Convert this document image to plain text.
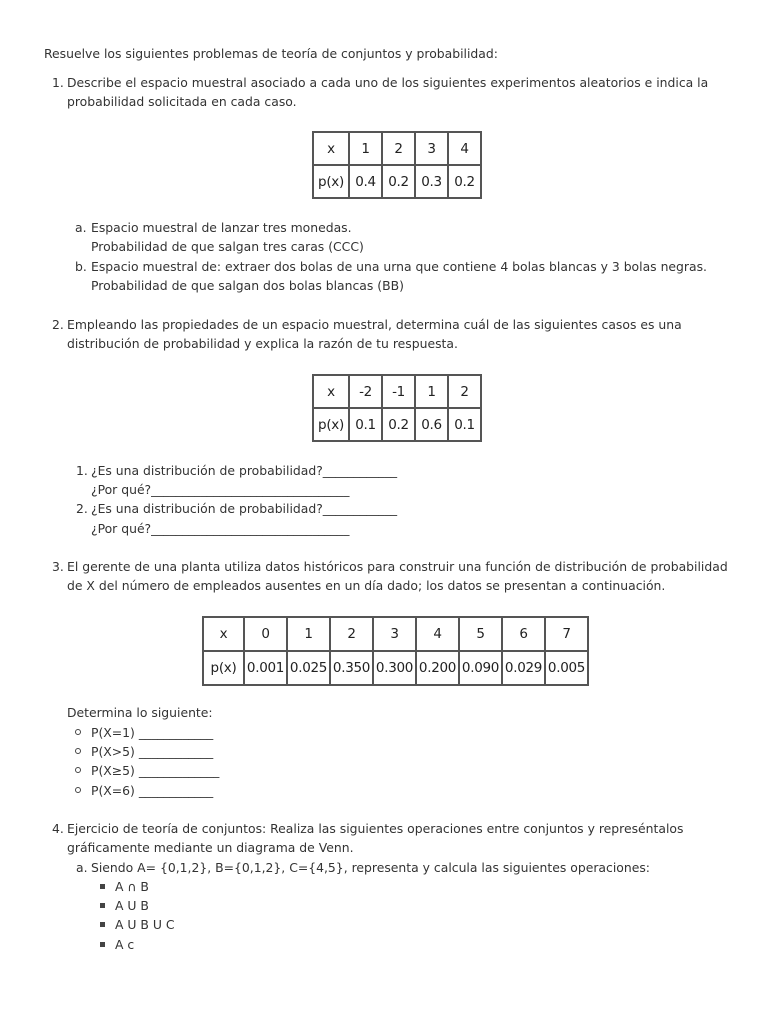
Resuelve los siguientes problemas de teoría de conjuntos y probabilidad:
1. Describe el espacio muestral asociado a cada uno de los siguientes experimentos aleatorios e indica la
probabilidad solicitada en cada caso.
x	1	2	3	4
p(x)	0.4	0.2	0.3	0.2
a. Espacio muestral de lanzar tres monedas.
Probabilidad de que salgan tres caras (CCC)
b. Espacio muestral de: extraer dos bolas de una urna que contiene 4 bolas blancas y 3 bolas negras.
Probabilidad de que salgan dos bolas blancas (BB)
2. Empleando las propiedades de un espacio muestral, determina cuál de las siguientes casos es una
distribución de probabilidad y explica la razón de tu respuesta.
x	-2	-1	1	2
p(x)	0.1	0.2	0.6	0.1
1. ¿Es una distribución de probabilidad?____________
¿Por qué?________________________________
2. ¿Es una distribución de probabilidad?____________
¿Por qué?________________________________
3. El gerente de una planta utiliza datos históricos para construir una función de distribución de probabilidad
de X del número de empleados ausentes en un día dado; los datos se presentan a continuación.
x	0	1	2	3	4	5	6	7
p(x)	0.001	0.025	0.350	0.300	0.200	0.090	0.029	0.005
Determina lo siguiente:
P(X=1) ____________
P(X>5) ____________
P(X≥5) _____________
P(X=6) ____________
4. Ejercicio de teoría de conjuntos: Realiza las siguientes operaciones entre conjuntos y represéntalos
gráficamente mediante un diagrama de Venn.
a. Siendo A= {0,1,2}, B={0,1,2}, C={4,5}, representa y calcula las siguientes operaciones:
A ∩ B
A U B
A U B U C
A c
